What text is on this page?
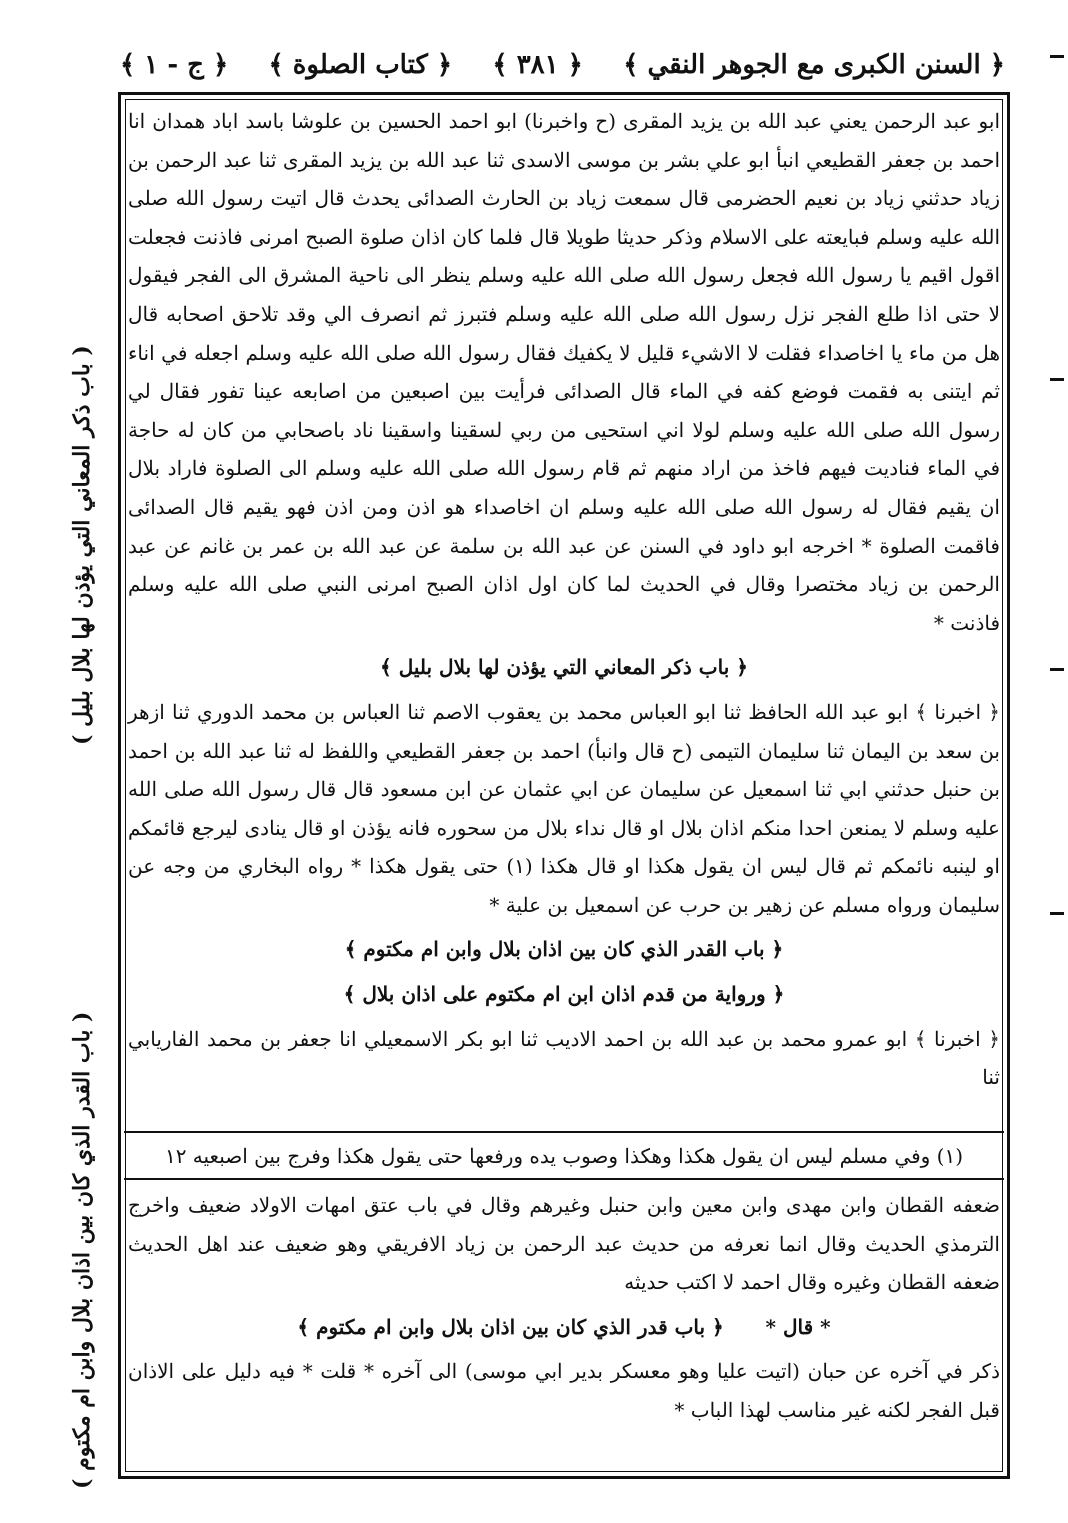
﴿ السنن الكبرى مع الجوهر النقي ﴾
﴿ ٣٨١ ﴾
﴿ كتاب الصلوة ﴾
﴿ ج - ١ ﴾

ابو عبد الرحمن يعني عبد الله بن يزيد المقرى (ح واخبرنا) ابو احمد الحسين بن علوشا باسد اباد همدان انا احمد بن جعفر القطيعي انبأ ابو علي بشر بن موسى الاسدى ثنا عبد الله بن يزيد المقرى ثنا عبد الرحمن بن زياد حدثني زياد بن نعيم الحضرمى قال سمعت زياد بن الحارث الصدائى يحدث قال اتيت رسول الله صلى الله عليه وسلم فبايعته على الاسلام وذكر حديثا طويلا قال فلما كان اذان صلوة الصبح امرنى فاذنت فجعلت اقول اقيم يا رسول الله فجعل رسول الله صلى الله عليه وسلم ينظر الى ناحية المشرق الى الفجر فيقول لا حتى اذا طلع الفجر نزل رسول الله صلى الله عليه وسلم فتبرز ثم انصرف الي وقد تلاحق اصحابه قال هل من ماء يا اخاصداء فقلت لا الاشيء قليل لا يكفيك فقال رسول الله صلى الله عليه وسلم اجعله في اناء ثم ايتنى به فقمت فوضع كفه في الماء قال الصدائى فرأيت بين اصبعين من اصابعه عينا تفور فقال لي رسول الله صلى الله عليه وسلم لولا اني استحيى من ربي لسقينا واسقينا ناد باصحابي من كان له حاجة في الماء فناديت فيهم فاخذ من اراد منهم ثم قام رسول الله صلى الله عليه وسلم الى الصلوة فاراد بلال ان يقيم فقال له رسول الله صلى الله عليه وسلم ان اخاصداء هو اذن ومن اذن فهو يقيم قال الصدائى فاقمت الصلوة * اخرجه ابو داود في السنن عن عبد الله بن سلمة عن عبد الله بن عمر بن غانم عن عبد الرحمن بن زياد مختصرا وقال في الحديث لما كان اول اذان الصبح امرنى النبي صلى الله عليه وسلم فاذنت *

﴿ باب ذكر المعاني التي يؤذن لها بلال بليل ﴾

﴿ اخبرنا ﴾ ابو عبد الله الحافظ ثنا ابو العباس محمد بن يعقوب الاصم ثنا العباس بن محمد الدوري ثنا ازهر بن سعد بن اليمان ثنا سليمان التيمى (ح قال وانبأ) احمد بن جعفر القطيعي واللفظ له ثنا عبد الله بن احمد بن حنبل حدثني ابي ثنا اسمعيل عن سليمان عن ابي عثمان عن ابن مسعود قال قال رسول الله صلى الله عليه وسلم لا يمنعن احدا منكم اذان بلال او قال نداء بلال من سحوره فانه يؤذن او قال ينادى ليرجع قائمكم او لينبه نائمكم ثم قال ليس ان يقول هكذا او قال هكذا (١) حتى يقول هكذا * رواه البخاري من وجه عن سليمان ورواه مسلم عن زهير بن حرب عن اسمعيل بن علية *

﴿ باب القدر الذي كان بين اذان بلال وابن ام مكتوم ﴾

﴿ ورواية من قدم اذان ابن ام مكتوم على اذان بلال ﴾

﴿ اخبرنا ﴾ ابو عمرو محمد بن عبد الله بن احمد الاديب ثنا ابو بكر الاسمعيلي انا جعفر بن محمد الفاريابي ثنا

(١) وفي مسلم ليس ان يقول هكذا وهكذا وصوب يده ورفعها حتى يقول هكذا وفرج بين اصبعيه ١٢

ضعفه القطان وابن مهدى وابن معين وابن حنبل وغيرهم وقال في باب عتق امهات الاولاد ضعيف واخرج الترمذي الحديث وقال انما نعرفه من حديث عبد الرحمن بن زياد الافريقي وهو ضعيف عند اهل الحديث ضعفه القطان وغيره وقال احمد لا اكتب حديثه

* قال *      ﴿ باب قدر الذي كان بين اذان بلال وابن ام مكتوم ﴾

ذكر في آخره عن حبان (اتيت عليا وهو معسكر بدير ابي موسى) الى آخره * قلت * فيه دليل على الاذان قبل الفجر لكنه غير مناسب لهذا الباب *

( باب ذكر المعاني التي يؤذن لها بلال بليل )
( باب القدر الذي كان بين اذان بلال وابن ام مكتوم )
